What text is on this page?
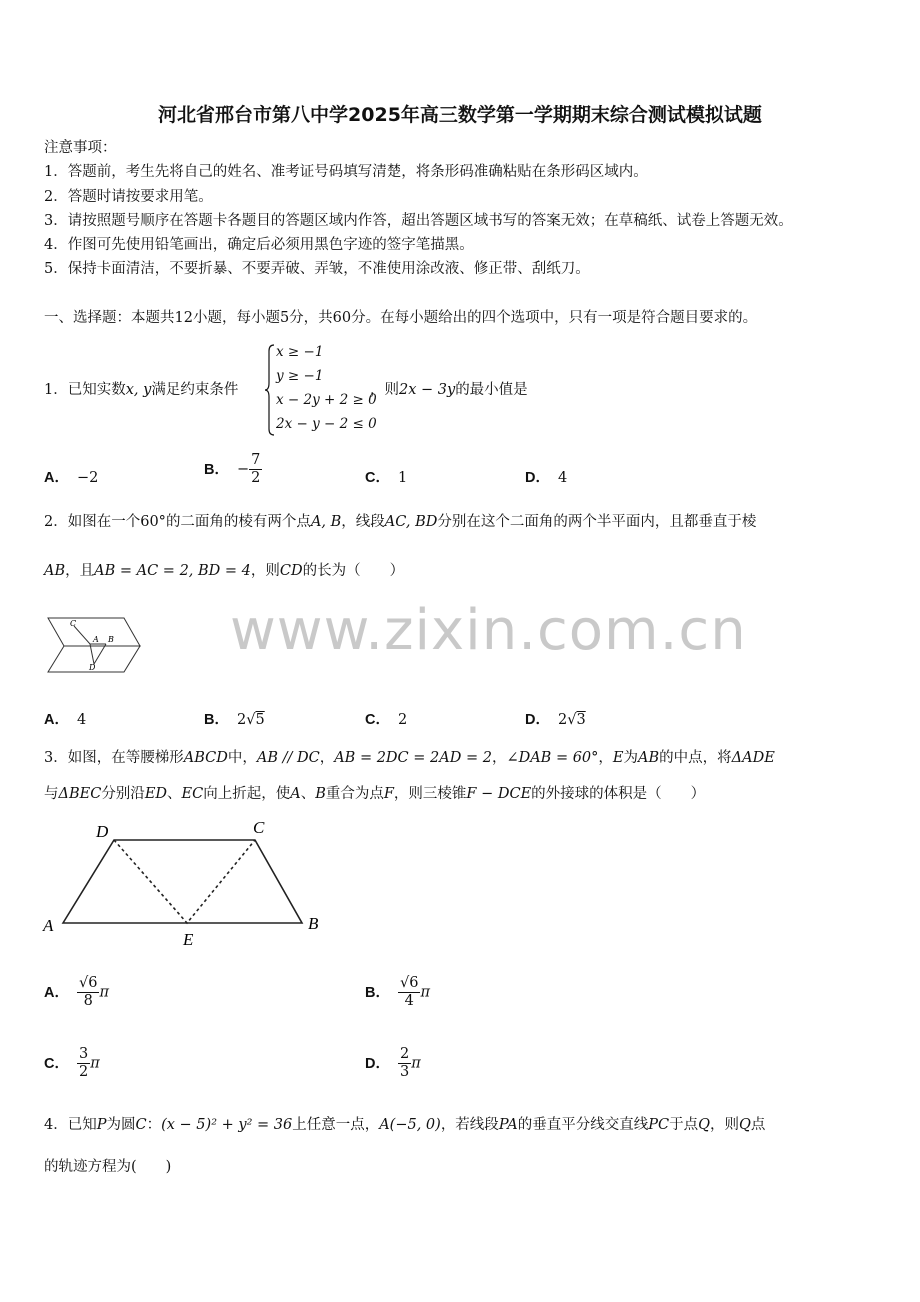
河北省邢台市第八中学2025年高三数学第一学期期末综合测试模拟试题
注意事项：
1．答题前，考生先将自己的姓名、准考证号码填写清楚，将条形码准确粘贴在条形码区域内。
2．答题时请按要求用笔。
3．请按照题号顺序在答题卡各题目的答题区域内作答，超出答题区域书写的答案无效；在草稿纸、试卷上答题无效。
4．作图可先使用铅笔画出，确定后必须用黑色字迹的签字笔描黑。
5．保持卡面清洁，不要折暴、不要弄破、弄皱，不准使用涂改液、修正带、刮纸刀。
一、选择题：本题共12小题，每小题5分，共60分。在每小题给出的四个选项中，只有一项是符合题目要求的。
www.zixin.com.cn
1．已知实数x, y满足约束条件
x ≥ −1
y ≥ −1
x − 2y + 2 ≥ 0
2x − y − 2 ≤ 0
，则2x − 3y的最小值是
A． −2
B． − $\frac{7}{2}$	C． 1	D． 4
2．如图在一个60°的二面角的棱有两个点A, B，线段AC, BD分别在这个二面角的两个半平面内，且都垂直于棱
AB，且AB = AC = 2, BD = 4，则CD的长为（　　）
C
A B
D
A． 4	B． 2√5	C． 2	D． 2√3
3．如图，在等腰梯形ABCD中，AB // DC，AB = 2DC = 2AD = 2，∠DAB = 60°，E为AB的中点，将ΔADE
与ΔBEC分别沿ED、EC向上折起，使A、B重合为点F，则三棱锥F − DCE的外接球的体积是（　　）
D	C
A
E
B
A． $\frac{√6}{8}$ π	B． $\frac{√6}{4}$ π
C． $\frac{3}{2}$ π	D． $\frac{2}{3}$ π
4．已知P为圆C：(x − 5)² + y² = 36上任意一点，A(−5, 0)，若线段PA的垂直平分线交直线PC于点Q，则Q点
的轨迹方程为(　　)
